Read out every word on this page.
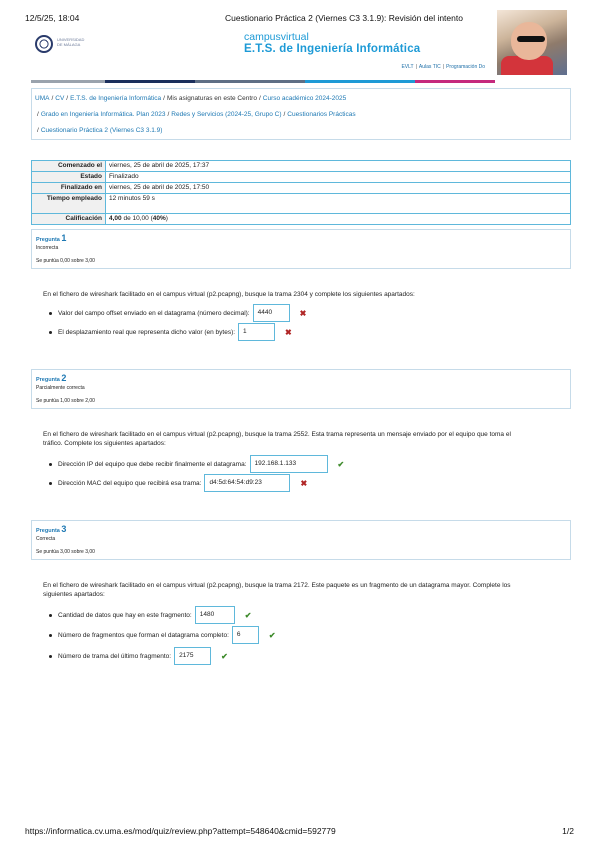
12/5/25, 18:04	Cuestionario Práctica 2 (Viernes C3 3.1.9): Revisión del intento
UNIVERSIDAD DE MÁLAGA
campusvirtual
E.T.S. de Ingeniería Informática
EVLT | Aulas TIC | Programación Do
UMA / CV / E.T.S. de Ingeniería Informática / Mis asignaturas en este Centro / Curso académico 2024-2025
/ Grado en Ingeniería Informática. Plan 2023 / Redes y Servicios (2024-25, Grupo C) / Cuestionarios Prácticas
/ Cuestionario Práctica 2 (Viernes C3 3.1.9)
Comenzado el	viernes, 25 de abril de 2025, 17:37
Estado	Finalizado
Finalizado en	viernes, 25 de abril de 2025, 17:50
Tiempo empleado	12 minutos 59 s
Calificación	4,00 de 10,00 (40%)
Pregunta 1
Incorrecta
Se puntúa 0,00 sobre 3,00
En el fichero de wireshark facilitado en el campus virtual (p2.pcapng), busque la trama 2304 y complete los siguientes apartados:
Valor del campo offset enviado en el datagrama (número decimal):	4440	✖
El desplazamiento real que representa dicho valor (en bytes):	1	✖
Pregunta 2
Parcialmente correcta
Se puntúa 1,00 sobre 2,00
En el fichero de wireshark facilitado en el campus virtual (p2.pcapng), busque la trama 2552. Esta trama representa un mensaje enviado por el equipo que toma el
tráfico. Complete los siguientes apartados:
Dirección IP del equipo que debe recibir finalmente el datagrama:	192.168.1.133	✔
Dirección MAC del equipo que recibirá esa trama:	d4:5d:64:54:d9:23	✖
Pregunta 3
Correcta
Se puntúa 3,00 sobre 3,00
En el fichero de wireshark facilitado en el campus virtual (p2.pcapng), busque la trama 2172. Este paquete es un fragmento de un datagrama mayor. Complete los
siguientes apartados:
Cantidad de datos que hay en este fragmento:	1480	✔
Número de fragmentos que forman el datagrama completo:	6	✔
Número de trama del último fragmento:	2175	✔
https://informatica.cv.uma.es/mod/quiz/review.php?attempt=548640&cmid=592779	1/2
